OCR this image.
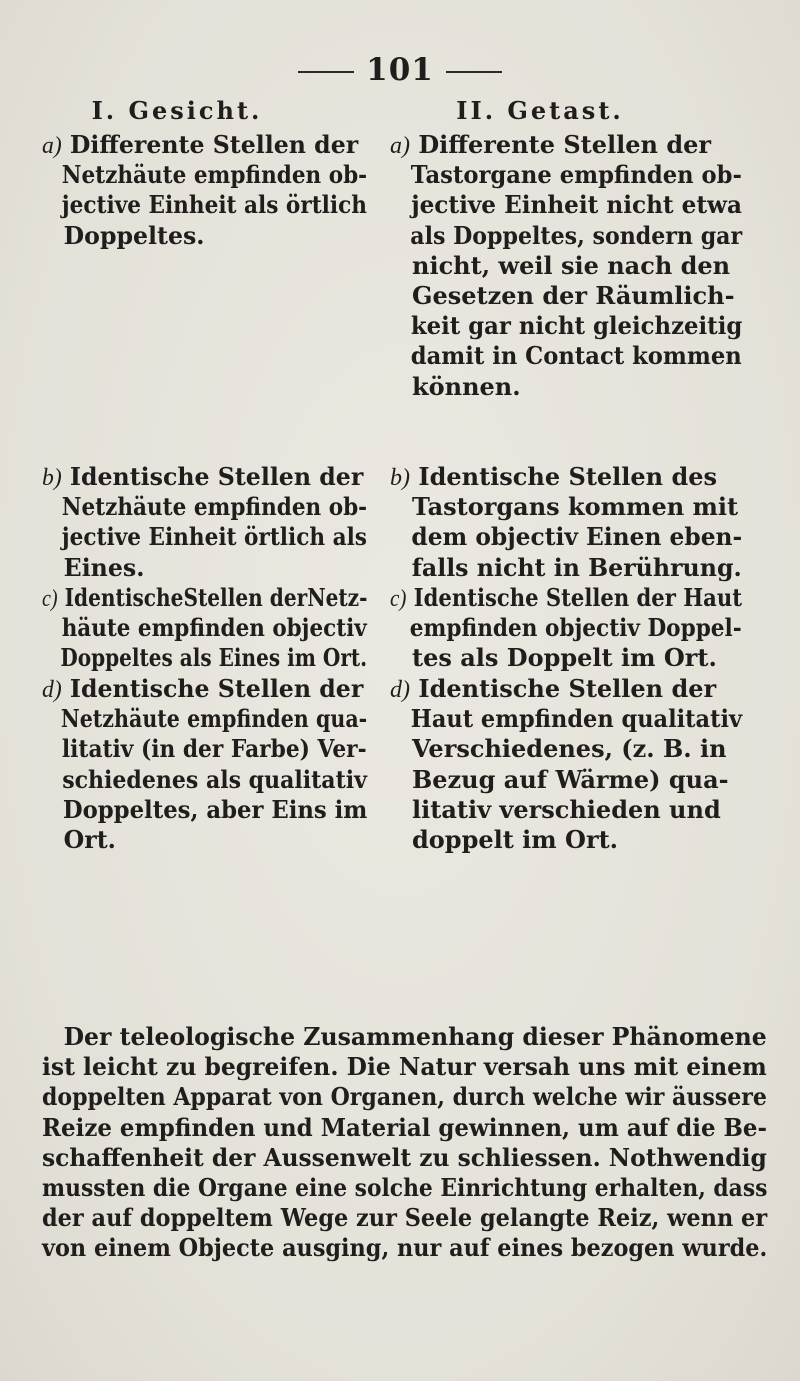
101
I. Gesicht.
a) Differente Stellen der
Netzhäute empfinden ob-
jective Einheit als örtlich
Doppeltes.
b) Identische Stellen der
Netzhäute empfinden ob-
jective Einheit örtlich als
Eines.
c) IdentischeStellen derNetz-
häute empfinden objectiv
Doppeltes als Eines im Ort.
d) Identische Stellen der
Netzhäute empfinden qua-
litativ (in der Farbe) Ver-
schiedenes als qualitativ
Doppeltes, aber Eins im
Ort.
II. Getast.
a) Differente Stellen der
Tastorgane empfinden ob-
jective Einheit nicht etwa
als Doppeltes, sondern gar
nicht, weil sie nach den
Gesetzen der Räumlich-
keit gar nicht gleichzeitig
damit in Contact kommen
können.
b) Identische Stellen des
Tastorgans kommen mit
dem objectiv Einen eben-
falls nicht in Berührung.
c) Identische Stellen der Haut
empfinden objectiv Doppel-
tes als Doppelt im Ort.
d) Identische Stellen der
Haut empfinden qualitativ
Verschiedenes, (z. B. in
Bezug auf Wärme) qua-
litativ verschieden und
doppelt im Ort.
Der teleologische Zusammenhang dieser Phänomene
ist leicht zu begreifen. Die Natur versah uns mit einem
doppelten Apparat von Organen, durch welche wir äussere
Reize empfinden und Material gewinnen, um auf die Be-
schaffenheit der Aussenwelt zu schliessen. Nothwendig
mussten die Organe eine solche Einrichtung erhalten, dass
der auf doppeltem Wege zur Seele gelangte Reiz, wenn er
von einem Objecte ausging, nur auf eines bezogen wurde.
